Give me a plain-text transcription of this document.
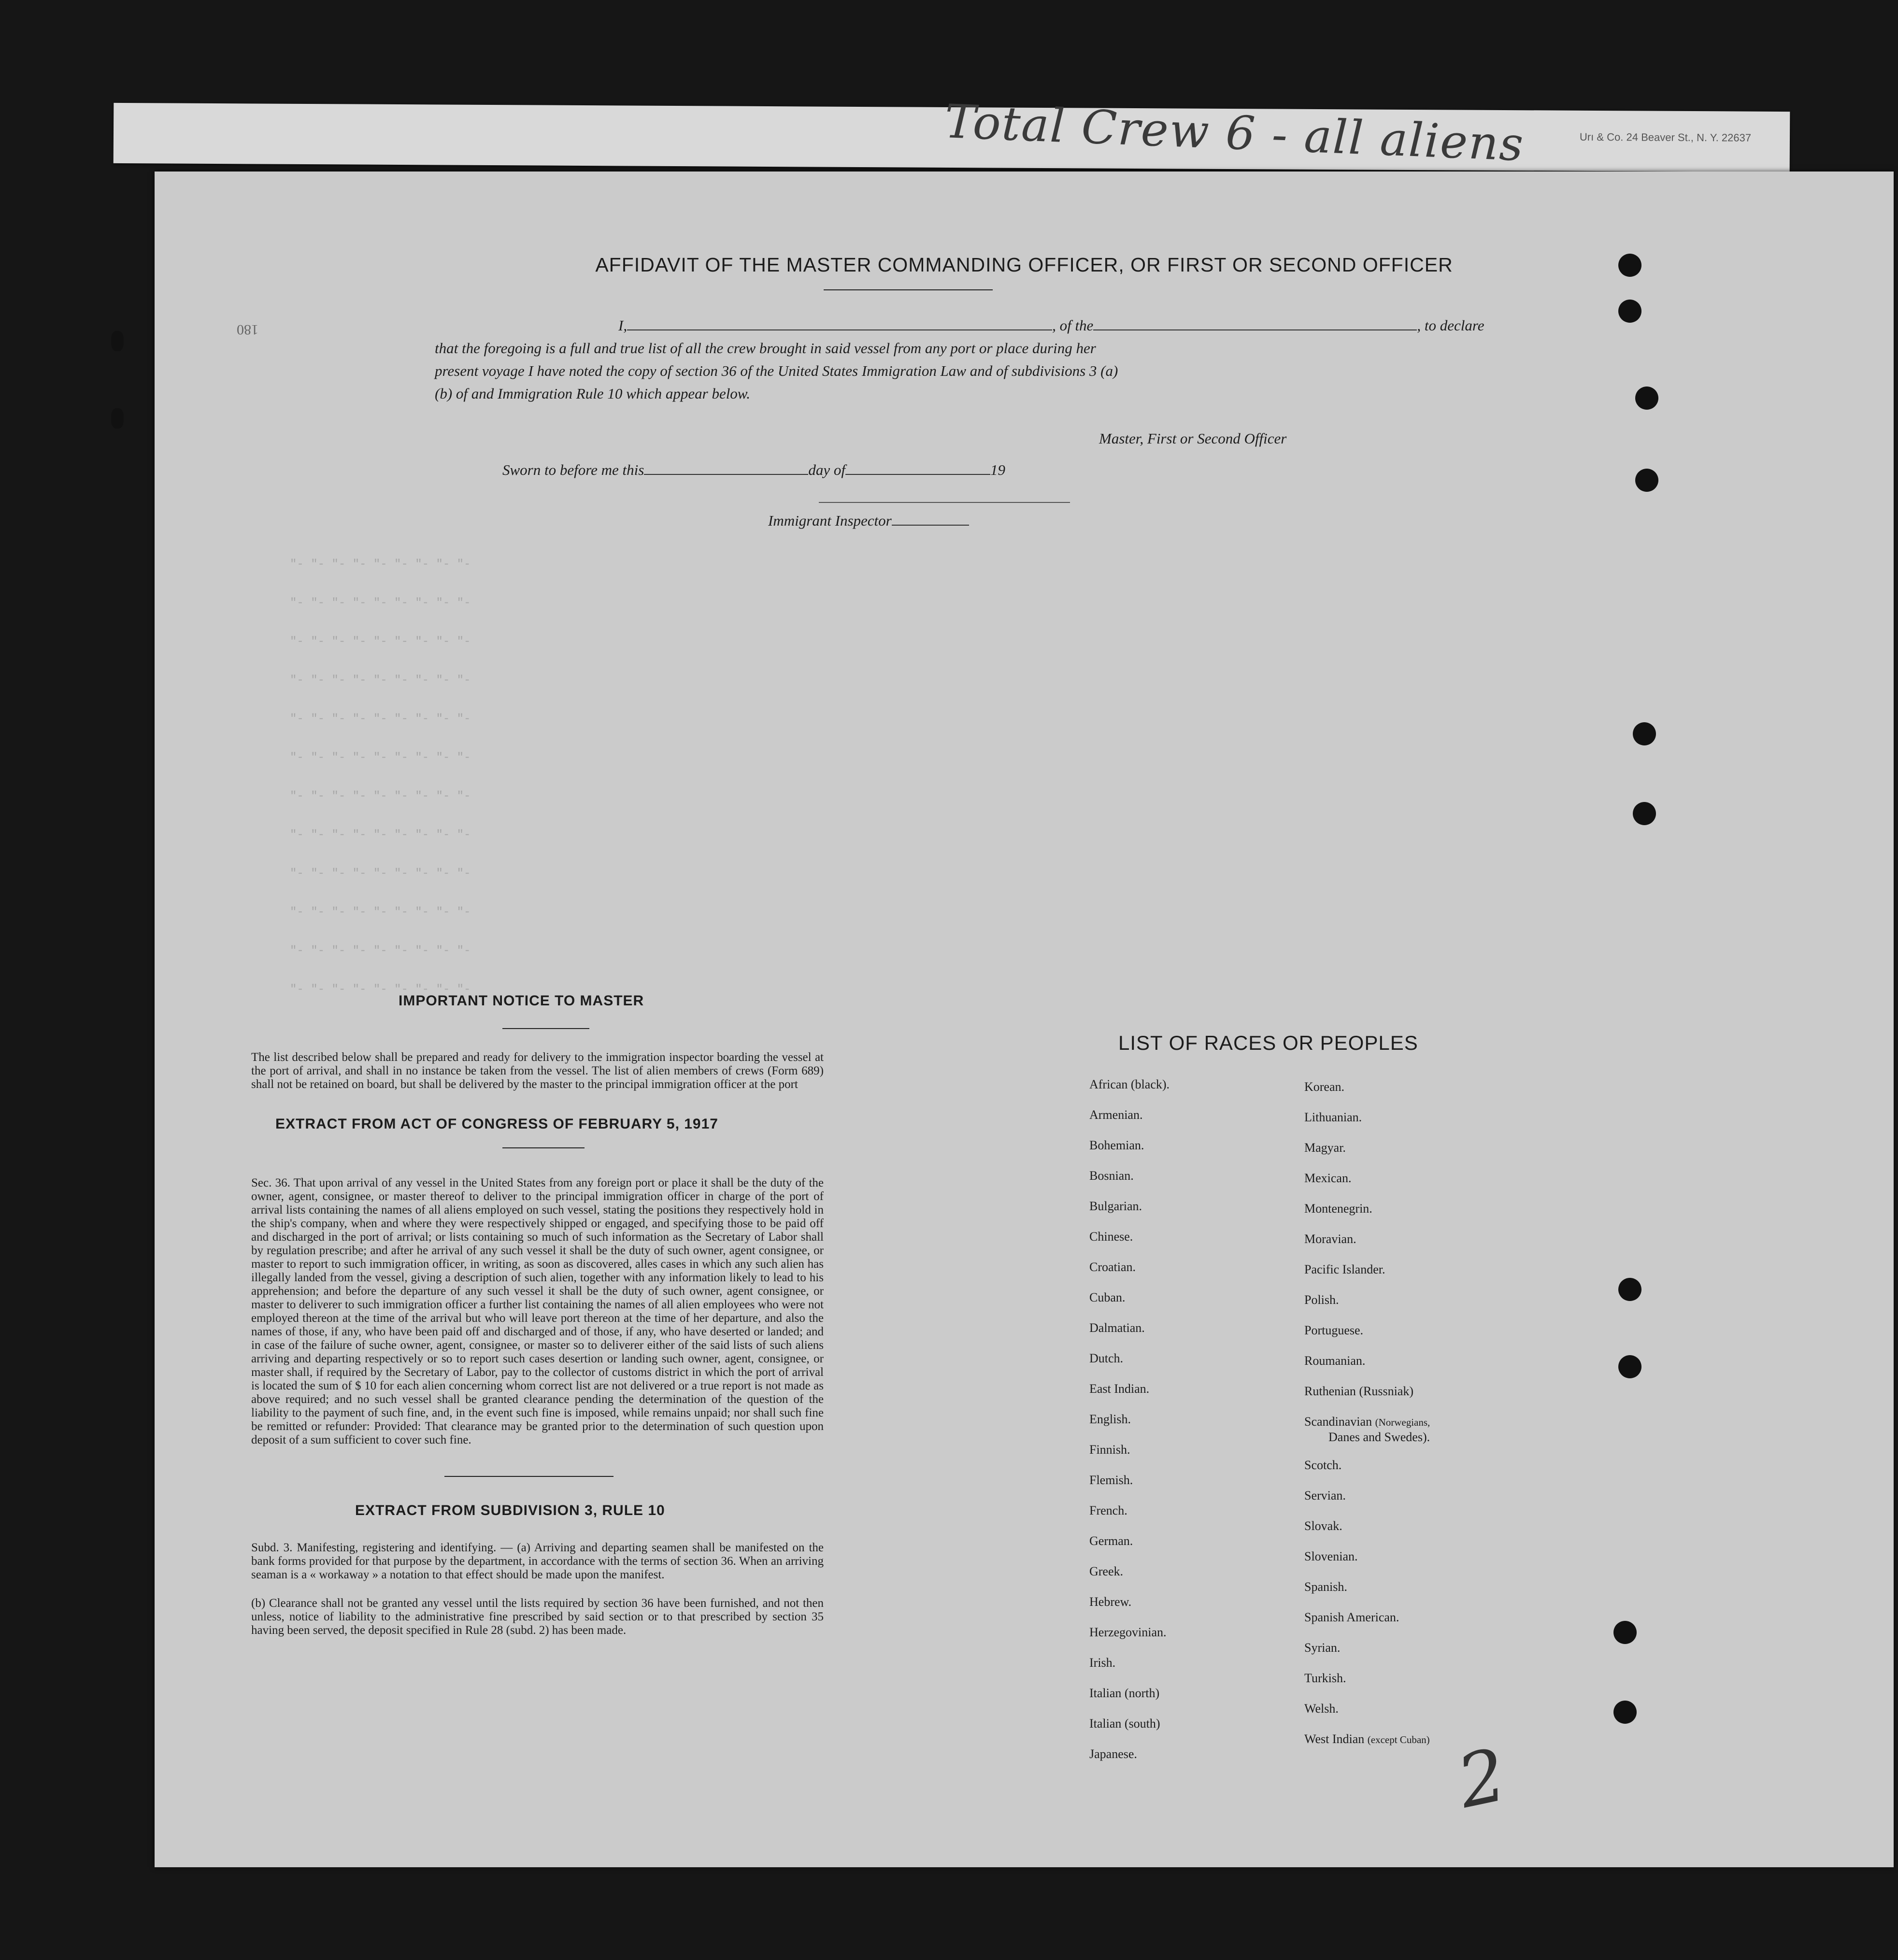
Total Crew 6 - all aliens	Urı & Co. 24 Beaver St., N. Y. 22637
180
"- "- "- "- "- "- "- "- "-
"- "- "- "- "- "- "- "- "-
"- "- "- "- "- "- "- "- "-
"- "- "- "- "- "- "- "- "-
"- "- "- "- "- "- "- "- "-
"- "- "- "- "- "- "- "- "-
"- "- "- "- "- "- "- "- "-
"- "- "- "- "- "- "- "- "-
"- "- "- "- "- "- "- "- "-
"- "- "- "- "- "- "- "- "-
"- "- "- "- "- "- "- "- "-
"- "- "- "- "- "- "- "- "-
AFFIDAVIT OF THE MASTER COMMANDING OFFICER, OR FIRST OR SECOND OFFICER
I,	, of the	, to declare
that the foregoing is a full and true list of all the crew brought in said vessel from any port or place during her
present voyage I have noted the copy of section 36 of the United States Immigration Law and of subdivisions 3 (a)
(b) of and Immigration Rule 10 which appear below.
Master, First or Second Officer
Sworn to before me this	day of	19
Immigrant Inspector
IMPORTANT NOTICE TO MASTER
The list described below shall be prepared and ready for delivery to the immigration inspector boarding the vessel at the port of arrival, and shall in no instance be taken from the vessel. The list of alien members of crews (Form 689) shall not be retained on board, but shall be delivered by the master to the principal immigration officer at the port
EXTRACT FROM ACT OF CONGRESS OF FEBRUARY 5, 1917
Sec. 36. That upon arrival of any vessel in the United States from any foreign port or place it shall be the duty of the owner, agent, consignee, or master thereof to deliver to the principal immigration officer in charge of the port of arrival lists containing the names of all aliens employed on such vessel, stating the positions they respectively hold in the ship's company, when and where they were respectively shipped or engaged, and specifying those to be paid off and discharged in the port of arrival; or lists containing so much of such information as the Secretary of Labor shall by regulation prescribe; and after he arrival of any such vessel it shall be the duty of such owner, agent consignee, or master to report to such immigration officer, in writing, as soon as discovered, alles cases in which any such alien has illegally landed from the vessel, giving a description of such alien, together with any information likely to lead to his apprehension; and before the departure of any such vessel it shall be the duty of such owner, agent consignee, or master to deliverer to such immigration officer a further list containing the names of all alien employees who were not employed thereon at the time of the arrival but who will leave port thereon at the time of her departure, and also the names of those, if any, who have been paid off and discharged and of those, if any, who have deserted or landed; and in case of the failure of suche owner, agent, consignee, or master so to deliverer either of the said lists of such aliens arriving and departing respectively or so to report such cases desertion or landing such owner, agent, consignee, or master shall, if required by the Secretary of Labor, pay to the collector of customs district in which the port of arrival is located the sum of $ 10 for each alien concerning whom correct list are not delivered or a true report is not made as above required; and no such vessel shall be granted clearance pending the determination of the question of the liability to the payment of such fine, and, in the event such fine is imposed, while remains unpaid; nor shall such fine be remitted or refunder: Provided: That clearance may be granted prior to the determination of such question upon deposit of a sum sufficient to cover such fine.
EXTRACT FROM SUBDIVISION 3, RULE 10
Subd. 3. Manifesting, registering and identifying. — (a) Arriving and departing seamen shall be manifested on the bank forms provided for that purpose by the department, in accordance with the terms of section 36. When an arriving seaman is a « workaway » a notation to that effect should be made upon the manifest.
(b) Clearance shall not be granted any vessel until the lists required by section 36 have been furnished, and not then unless, notice of liability to the administrative fine prescribed by said section or to that prescribed by section 35 having been served, the deposit specified in Rule 28 (subd. 2) has been made.
LIST OF RACES OR PEOPLES
African (black).
Armenian.
Bohemian.
Bosnian.
Bulgarian.
Chinese.
Croatian.
Cuban.
Dalmatian.
Dutch.
East Indian.
English.
Finnish.
Flemish.
French.
German.
Greek.
Hebrew.
Herzegovinian.
Irish.
Italian (north)
Italian (south)
Japanese.
Korean.
Lithuanian.
Magyar.
Mexican.
Montenegrin.
Moravian.
Pacific Islander.
Polish.
Portuguese.
Roumanian.
Ruthenian (Russniak)
Scandinavian (Norwegians,
Danes and Swedes).
Scotch.
Servian.
Slovak.
Slovenian.
Spanish.
Spanish American.
Syrian.
Turkish.
Welsh.
West Indian (except Cuban) 2
